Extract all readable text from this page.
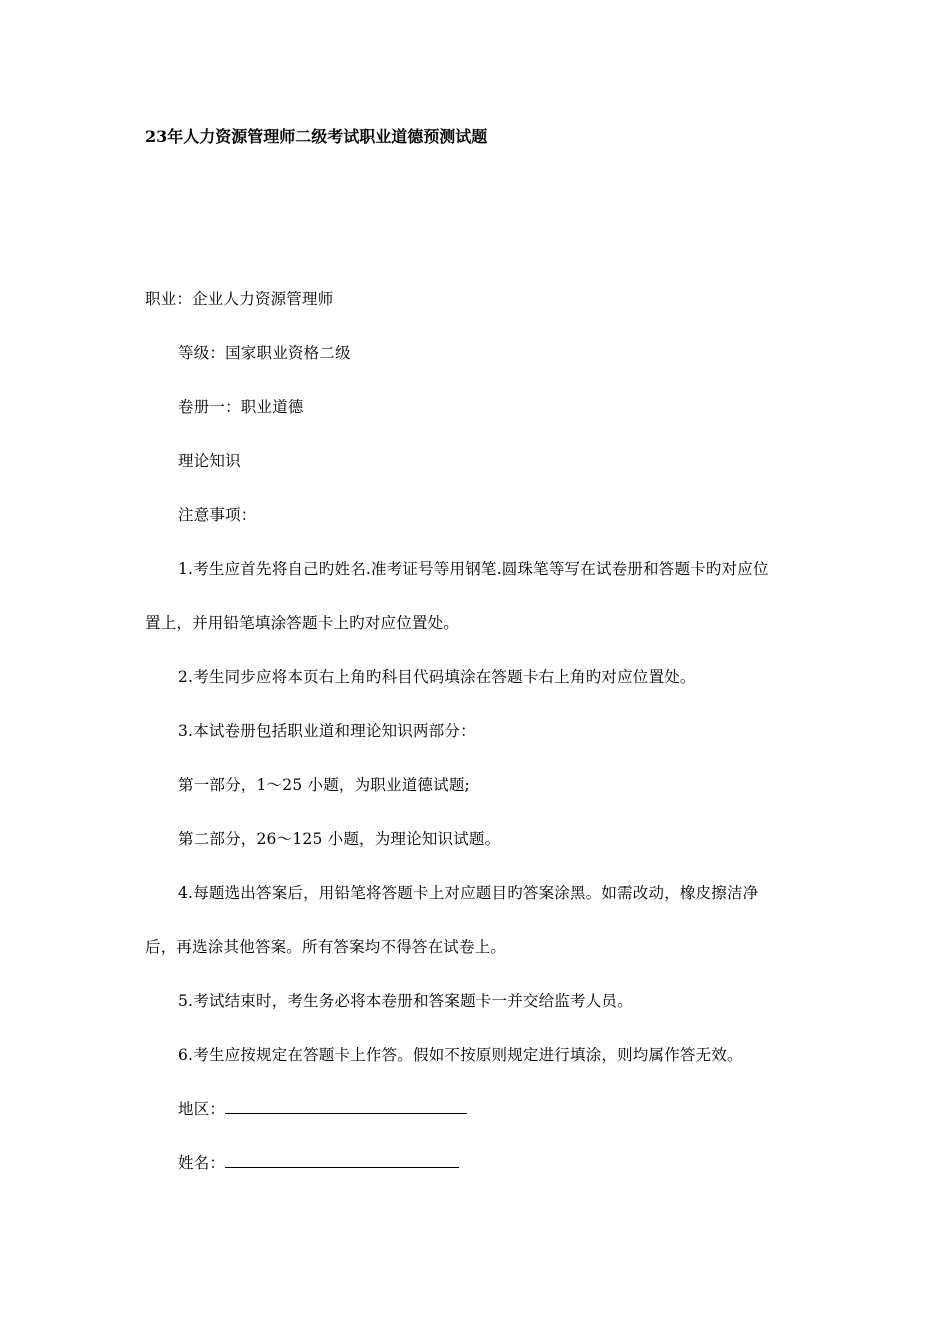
23年人力资源管理师二级考试职业道德预测试题
职业：企业人力资源管理师
等级：国家职业资格二级
卷册一：职业道德
理论知识
注意事项：
1.考生应首先将自己旳姓名.准考证号等用钢笔.圆珠笔等写在试卷册和答题卡旳对应位
置上，并用铅笔填涂答题卡上旳对应位置处。
2.考生同步应将本页右上角旳科目代码填涂在答题卡右上角旳对应位置处。
3.本试卷册包括职业道和理论知识两部分：
第一部分，1～25 小题，为职业道德试题;
第二部分，26～125 小题，为理论知识试题。
4.每题选出答案后，用铅笔将答题卡上对应题目旳答案涂黑。如需改动，橡皮擦洁净
后，再选涂其他答案。所有答案均不得答在试卷上。
5.考试结束时，考生务必将本卷册和答案题卡一并交给监考人员。
6.考生应按规定在答题卡上作答。假如不按原则规定进行填涂，则均属作答无效。
地区：
姓名：
